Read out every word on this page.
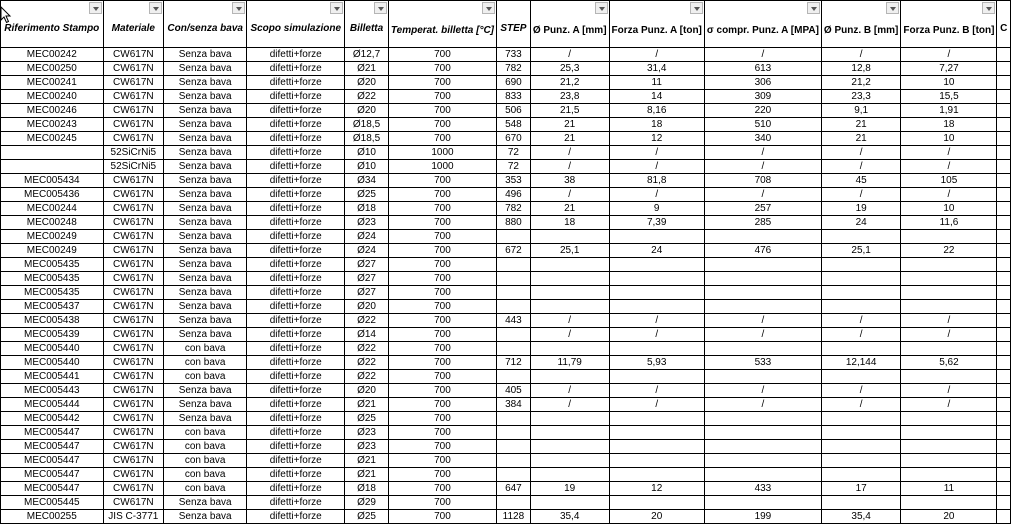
Riferimento Stampo	Materiale	Con/senza bava	Scopo simulazione	Billetta	Temperat. billetta [°C]	STEP	Ø Punz. A [mm]	Forza Punz. A [ton]	σ compr. Punz. A [MPA]	Ø Punz. B [mm]	Forza Punz. B [ton]	C

MEC00242	CW617N	Senza bava	difetti+forze	Ø12,7	700	733	/	/	/	/	/	
MEC00250	CW617N	Senza bava	difetti+forze	Ø21	700	782	25,3	31,4	613	12,8	7,27	
MEC00241	CW617N	Senza bava	difetti+forze	Ø20	700	690	21,2	11	306	21,2	10	
MEC00240	CW617N	Senza bava	difetti+forze	Ø22	700	833	23,8	14	309	23,3	15,5	
MEC00246	CW617N	Senza bava	difetti+forze	Ø20	700	506	21,5	8,16	220	9,1	1,91	
MEC00243	CW617N	Senza bava	difetti+forze	Ø18,5	700	548	21	18	510	21	18	
MEC00245	CW617N	Senza bava	difetti+forze	Ø18,5	700	670	21	12	340	21	10	
	52SiCrNi5	Senza bava	difetti+forze	Ø10	1000	72	/	/	/	/	/	
	52SiCrNi5	Senza bava	difetti+forze	Ø10	1000	72	/	/	/	/	/	
MEC005434	CW617N	Senza bava	difetti+forze	Ø34	700	353	38	81,8	708	45	105	
MEC005436	CW617N	Senza bava	difetti+forze	Ø25	700	496	/	/	/	/	/	
MEC00244	CW617N	Senza bava	difetti+forze	Ø18	700	782	21	9	257	19	10	
MEC00248	CW617N	Senza bava	difetti+forze	Ø23	700	880	18	7,39	285	24	11,6	
MEC00249	CW617N	Senza bava	difetti+forze	Ø24	700							
MEC00249	CW617N	Senza bava	difetti+forze	Ø24	700	672	25,1	24	476	25,1	22	
MEC005435	CW617N	Senza bava	difetti+forze	Ø27	700							
MEC005435	CW617N	Senza bava	difetti+forze	Ø27	700							
MEC005435	CW617N	Senza bava	difetti+forze	Ø27	700							
MEC005437	CW617N	Senza bava	difetti+forze	Ø20	700							
MEC005438	CW617N	Senza bava	difetti+forze	Ø22	700	443	/	/	/	/	/	
MEC005439	CW617N	Senza bava	difetti+forze	Ø14	700		/	/	/	/	/	
MEC005440	CW617N	con bava	difetti+forze	Ø22	700							
MEC005440	CW617N	con bava	difetti+forze	Ø22	700	712	11,79	5,93	533	12,144	5,62	
MEC005441	CW617N	con bava	difetti+forze	Ø22	700							
MEC005443	CW617N	Senza bava	difetti+forze	Ø20	700	405	/	/	/	/	/	
MEC005444	CW617N	Senza bava	difetti+forze	Ø21	700	384	/	/	/	/	/	
MEC005442	CW617N	Senza bava	difetti+forze	Ø25	700							
MEC005447	CW617N	con bava	difetti+forze	Ø23	700							
MEC005447	CW617N	con bava	difetti+forze	Ø23	700							
MEC005447	CW617N	con bava	difetti+forze	Ø21	700							
MEC005447	CW617N	con bava	difetti+forze	Ø21	700							
MEC005447	CW617N	con bava	difetti+forze	Ø18	700	647	19	12	433	17	11	
MEC005445	CW617N	Senza bava	difetti+forze	Ø29	700							
MEC00255	JIS C-3771	Senza bava	difetti+forze	Ø25	700	1128	35,4	20	199	35,4	20	
